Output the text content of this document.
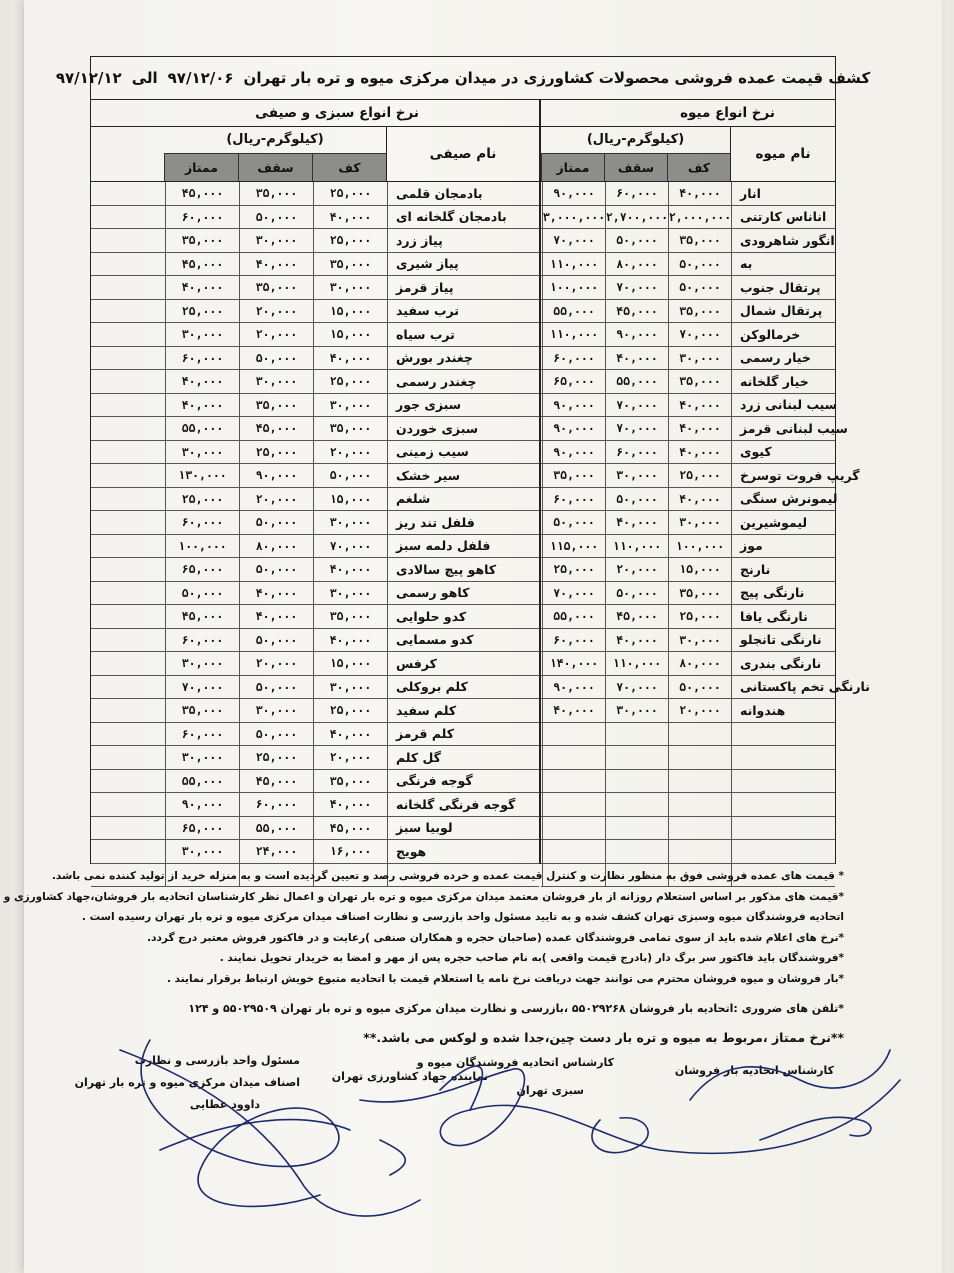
کشف قیمت عمده فروشی محصولات کشاورزی در میدان مرکزی میوه و تره بار تهران
۹۷/۱۲/۰۶
الی
۹۷/۱۲/۱۲
نرخ انواع میوه
نام میوه
(کیلوگرم-ریال)
کف
سقف
ممتاز
انار
۴۰,۰۰۰
۶۰,۰۰۰
۹۰,۰۰۰
اناناس کارتنی
۲,۰۰۰,۰۰۰
۲,۷۰۰,۰۰۰
۳,۰۰۰,۰۰۰
انگور شاهرودی
۳۵,۰۰۰
۵۰,۰۰۰
۷۰,۰۰۰
به
۵۰,۰۰۰
۸۰,۰۰۰
۱۱۰,۰۰۰
پرتقال جنوب
۵۰,۰۰۰
۷۰,۰۰۰
۱۰۰,۰۰۰
پرتقال شمال
۳۵,۰۰۰
۴۵,۰۰۰
۵۵,۰۰۰
خرمالوکن
۷۰,۰۰۰
۹۰,۰۰۰
۱۱۰,۰۰۰
خیار رسمی
۳۰,۰۰۰
۴۰,۰۰۰
۶۰,۰۰۰
خیار گلخانه
۳۵,۰۰۰
۵۵,۰۰۰
۶۵,۰۰۰
سیب لبنانی زرد
۴۰,۰۰۰
۷۰,۰۰۰
۹۰,۰۰۰
سیب لبنانی قرمز
۴۰,۰۰۰
۷۰,۰۰۰
۹۰,۰۰۰
کیوی
۴۰,۰۰۰
۶۰,۰۰۰
۹۰,۰۰۰
گریپ فروت توسرخ
۲۵,۰۰۰
۳۰,۰۰۰
۳۵,۰۰۰
لیمونرش سنگی
۴۰,۰۰۰
۵۰,۰۰۰
۶۰,۰۰۰
لیموشیرین
۳۰,۰۰۰
۴۰,۰۰۰
۵۰,۰۰۰
موز
۱۰۰,۰۰۰
۱۱۰,۰۰۰
۱۱۵,۰۰۰
نارنج
۱۵,۰۰۰
۲۰,۰۰۰
۲۵,۰۰۰
نارنگی پیج
۳۵,۰۰۰
۵۰,۰۰۰
۷۰,۰۰۰
نارنگی یافا
۲۵,۰۰۰
۴۵,۰۰۰
۵۵,۰۰۰
نارنگی تانجلو
۳۰,۰۰۰
۴۰,۰۰۰
۶۰,۰۰۰
نارنگی بندری
۸۰,۰۰۰
۱۱۰,۰۰۰
۱۴۰,۰۰۰
نارنگی تخم پاکستانی
۵۰,۰۰۰
۷۰,۰۰۰
۹۰,۰۰۰
هندوانه
۲۰,۰۰۰
۳۰,۰۰۰
۴۰,۰۰۰
نرخ انواع سبزی و صیفی
نام صیفی
(کیلوگرم-ریال)
کف
سقف
ممتاز
بادمجان قلمی
۲۵,۰۰۰
۳۵,۰۰۰
۴۵,۰۰۰
بادمجان گلخانه ای
۴۰,۰۰۰
۵۰,۰۰۰
۶۰,۰۰۰
پیاز زرد
۲۵,۰۰۰
۳۰,۰۰۰
۳۵,۰۰۰
پیاز شیری
۳۵,۰۰۰
۴۰,۰۰۰
۴۵,۰۰۰
پیاز قرمز
۳۰,۰۰۰
۳۵,۰۰۰
۴۰,۰۰۰
ترب سفید
۱۵,۰۰۰
۲۰,۰۰۰
۲۵,۰۰۰
ترب سیاه
۱۵,۰۰۰
۲۰,۰۰۰
۳۰,۰۰۰
چغندر بورش
۴۰,۰۰۰
۵۰,۰۰۰
۶۰,۰۰۰
چغندر رسمی
۲۵,۰۰۰
۳۰,۰۰۰
۴۰,۰۰۰
سبزی جور
۳۰,۰۰۰
۳۵,۰۰۰
۴۰,۰۰۰
سبزی خوردن
۳۵,۰۰۰
۴۵,۰۰۰
۵۵,۰۰۰
سیب زمینی
۲۰,۰۰۰
۲۵,۰۰۰
۳۰,۰۰۰
سیر خشک
۵۰,۰۰۰
۹۰,۰۰۰
۱۳۰,۰۰۰
شلغم
۱۵,۰۰۰
۲۰,۰۰۰
۲۵,۰۰۰
فلفل تند ریز
۳۰,۰۰۰
۵۰,۰۰۰
۶۰,۰۰۰
فلفل دلمه سبز
۷۰,۰۰۰
۸۰,۰۰۰
۱۰۰,۰۰۰
کاهو پیچ سالادی
۴۰,۰۰۰
۵۰,۰۰۰
۶۵,۰۰۰
کاهو رسمی
۳۰,۰۰۰
۴۰,۰۰۰
۵۰,۰۰۰
کدو حلوایی
۳۵,۰۰۰
۴۰,۰۰۰
۴۵,۰۰۰
کدو مسمایی
۴۰,۰۰۰
۵۰,۰۰۰
۶۰,۰۰۰
کرفس
۱۵,۰۰۰
۲۰,۰۰۰
۳۰,۰۰۰
کلم بروکلی
۳۰,۰۰۰
۵۰,۰۰۰
۷۰,۰۰۰
کلم سفید
۲۵,۰۰۰
۳۰,۰۰۰
۳۵,۰۰۰
کلم قرمز
۴۰,۰۰۰
۵۰,۰۰۰
۶۰,۰۰۰
گل کلم
۲۰,۰۰۰
۲۵,۰۰۰
۳۰,۰۰۰
گوجه فرنگی
۳۵,۰۰۰
۴۵,۰۰۰
۵۵,۰۰۰
گوجه فرنگی گلخانه
۴۰,۰۰۰
۶۰,۰۰۰
۹۰,۰۰۰
لوبیا سبز
۴۵,۰۰۰
۵۵,۰۰۰
۶۵,۰۰۰
هویج
۱۶,۰۰۰
۲۴,۰۰۰
۳۰,۰۰۰

* قیمت های عمده فروشی فوق به منظور نظارت و کنترل قیمت عمده و خرده فروشی رصد و تعیین گردیده است و به منزله خرید از تولید کننده نمی باشد.

*قیمت های مذکور بر اساس استعلام روزانه از بار فروشان معتمد میدان مرکزی میوه و تره بار تهران و اعمال نظر کارشناسان اتحادیه بار فروشان،جهاد کشاورزی و

اتحادیه فروشندگان میوه وسبزی تهران کشف شده و به تایید مسئول واحد بازرسی و نظارت اصناف میدان مرکزی میوه و تره بار تهران رسیده است .

*نرخ های اعلام شده باید از سوی تمامی فروشندگان عمده (صاحبان حجره و همکاران صنفی )رعایت و در فاکتور فروش معتبر درج گردد.

*فروشندگان باید فاکتور سر برگ دار (بادرج قیمت واقعی )به نام صاحب حجره پس از مهر و امضا به خریدار تحویل نمایند .

*بار فروشان و میوه فروشان محترم می توانند جهت دریافت نرخ نامه یا استعلام قیمت با اتحادیه متبوع خویش ارتباط برقرار نمایند .

*تلفن های ضروری :اتحادیه بار فروشان ۵۵۰۲۹۲۶۸ ،بازرسی و نظارت میدان مرکزی میوه و تره بار تهران ۵۵۰۲۹۵۰۹ و ۱۲۴

**نرخ ممتاز ،مربوط به میوه و تره بار دست چین،جدا شده و لوکس می باشد.**

کارشناس اتحادیه بار فروشان
کارشناس اتحادیه فروشندگان میوه و
سبزی تهران
نماینده جهاد کشاورزی تهران
مسئول واحد بازرسی و نظارت
اصناف میدان مرکزی میوه و تره بار تهران
داوود عطایی
